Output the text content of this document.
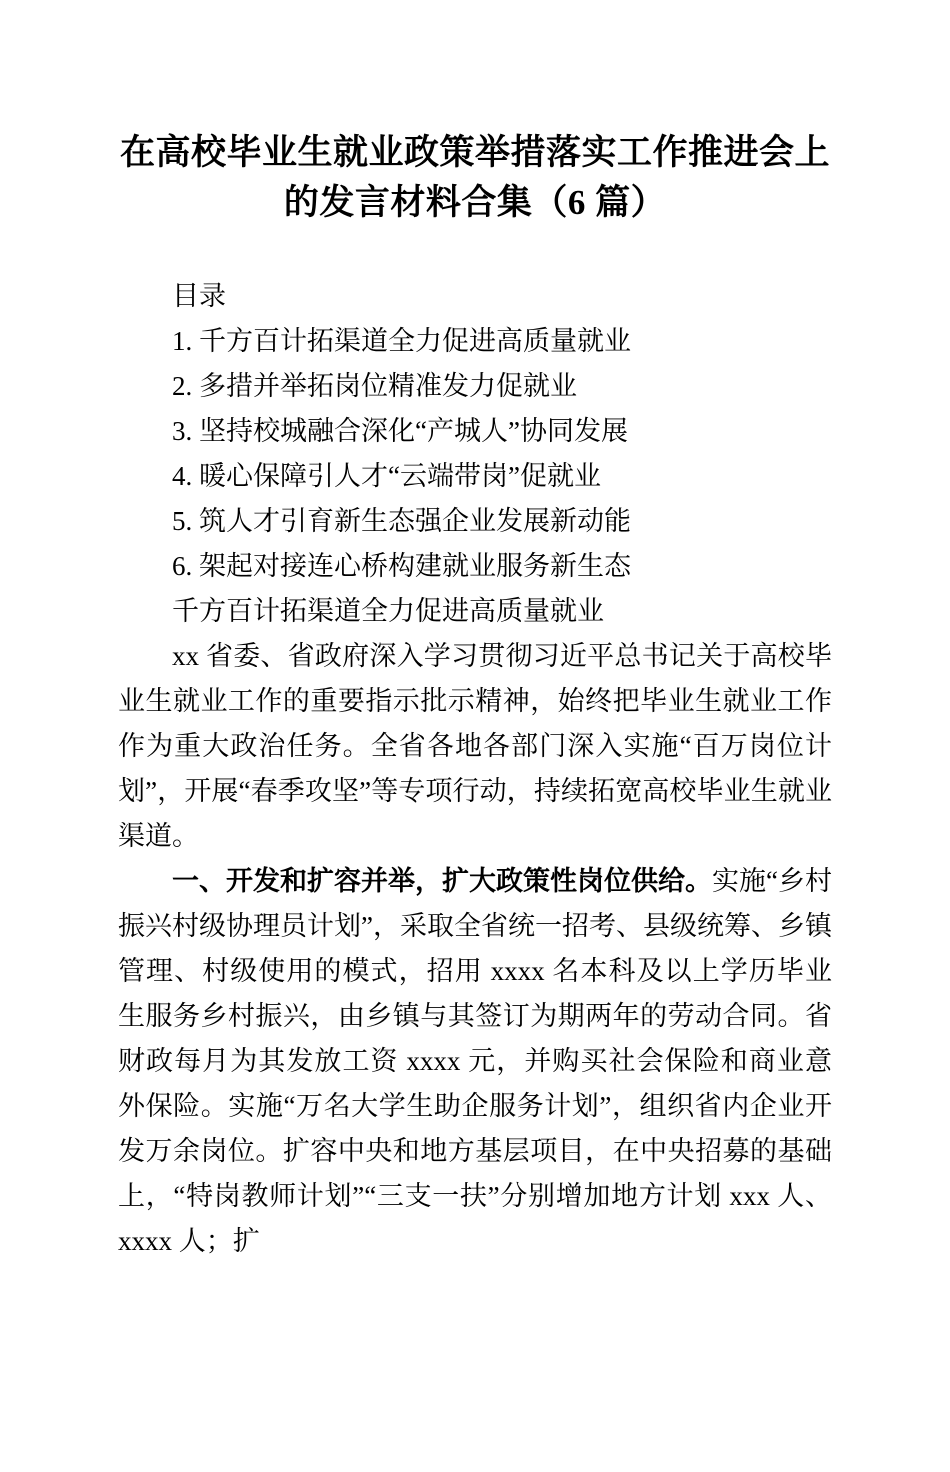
在高校毕业生就业政策举措落实工作推进会上
的发言材料合集（6 篇）

目录

1. 千方百计拓渠道全力促进高质量就业

2. 多措并举拓岗位精准发力促就业

3. 坚持校城融合深化“产城人”协同发展

4. 暖心保障引人才“云端带岗”促就业

5. 筑人才引育新生态强企业发展新动能

6. 架起对接连心桥构建就业服务新生态

千方百计拓渠道全力促进高质量就业

xx 省委、省政府深入学习贯彻习近平总书记关于高校毕业生就业工作的重要指示批示精神，始终把毕业生就业工作作为重大政治任务。全省各地各部门深入实施“百万岗位计划”，开展“春季攻坚”等专项行动，持续拓宽高校毕业生就业渠道。

一、开发和扩容并举，扩大政策性岗位供给。实施“乡村振兴村级协理员计划”，采取全省统一招考、县级统筹、乡镇管理、村级使用的模式，招用 xxxx 名本科及以上学历毕业生服务乡村振兴，由乡镇与其签订为期两年的劳动合同。省财政每月为其发放工资 xxxx 元，并购买社会保险和商业意外保险。实施“万名大学生助企服务计划”，组织省内企业开发万余岗位。扩容中央和地方基层项目，在中央招募的基础上，“特岗教师计划”“三支一扶”分别增加地方计划 xxx 人、xxxx 人；扩
